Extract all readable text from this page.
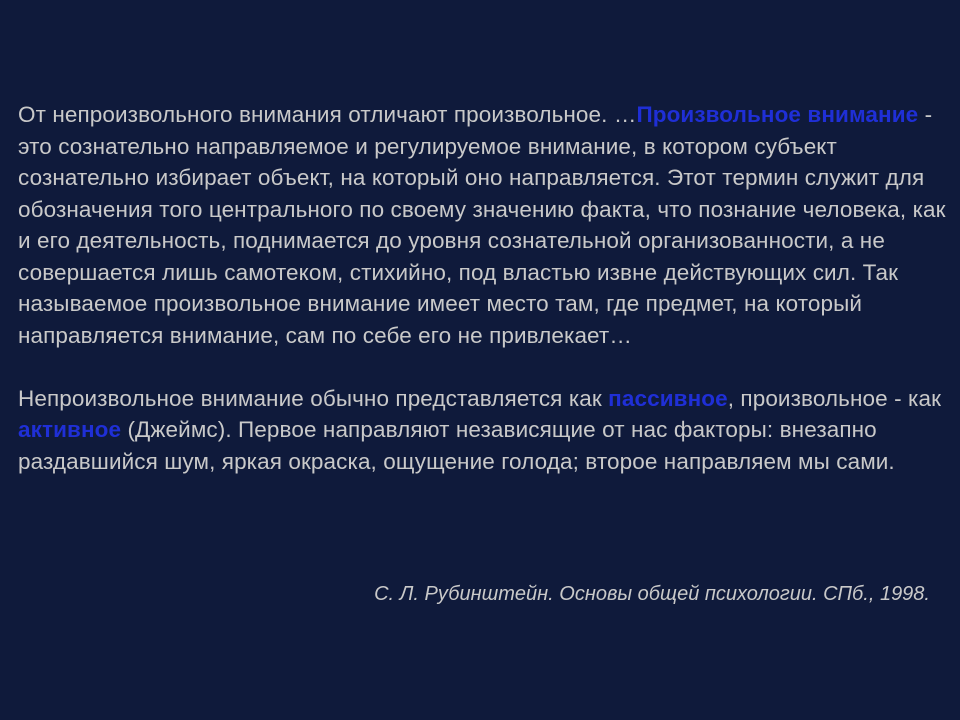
От непроизвольного внимания отличают произвольное. …Произвольное внимание - это сознательно направляемое и регулируемое внимание, в котором субъект сознательно избирает объект, на который оно направляется. Этот термин служит для обозначения того центрального по своему значению факта, что познание человека, как и его деятельность, поднимается до уровня сознательной организованности, а не совершается лишь самотеком, стихийно, под властью извне действующих сил. Так называемое произвольное внимание имеет место там, где предмет, на который направляется внимание, сам по себе его не привлекает…

Непроизвольное внимание обычно представляется как пассивное, произвольное - как активное (Джеймс). Первое направляют независящие от нас факторы: внезапно раздавшийся шум, яркая окраска, ощущение голода; второе направляем мы сами.

С. Л. Рубинштейн. Основы общей психологии. СПб., 1998.
